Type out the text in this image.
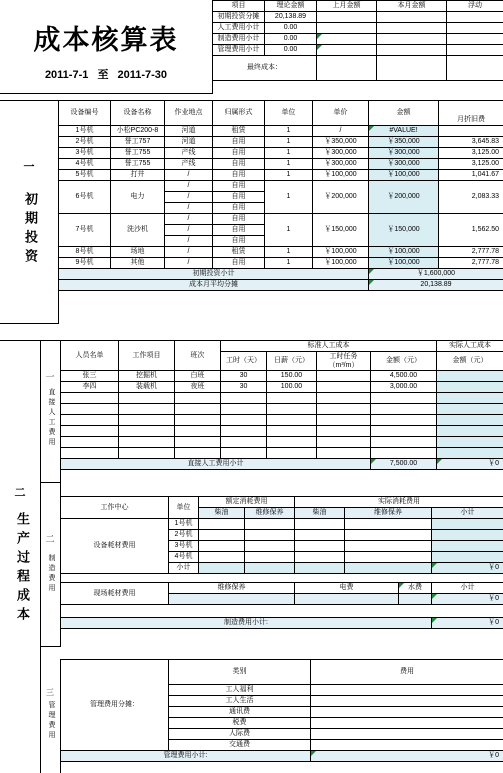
成本核算表
2011-7-1 至 2011-7-30
项目	理论金额	上月金额	本月金额	浮动
初期投资分摊	20,138.89			
人工费用小计	0.00			
制造费用小计	0.00			
管理费用小计	0.00			
最终成本：				
一
初期投资
设备编号	设备名称	作业地点	归属形式	单位	单价	金额	月折旧费
1号机	小松PC200-8	河道	租赁	1	/	#VALUE!	
2号机	誉工757	河道	自用	1	￥350,000	￥350,000	3,645.83
3号机	誉工755	产线	自用	1	￥300,000	￥300,000	3,125.00
4号机	誉工755	产线	自用	1	￥300,000	￥300,000	3,125.00
5号机	打井	/	自用	1	￥100,000	￥100,000	1,041.67
6号机	电力	/	自用	1	￥200,000	￥200,000	2,083.33
		/	自用				
		/	自用				
7号机	洗沙机	/	自用	1	￥150,000	￥150,000	1,562.50
		/	自用				
		/	自用				
8号机	场地	/	租赁	1	￥100,000	￥100,000	2,777.78
9号机	其他	/	自用	1	￥100,000	￥100,000	2,777.78
初期投资小计						￥1,600,000	
成本月平均分摊						20,138.89	
二
生产过程成本
一
直接人工费用
人员名单	工作项目	班次	标准人工成本				实际人工成本
			工时（天）	日薪（元）	工时任务（m³/m）	金额（元）	金额（元）

张三	挖掘机	白班	30	150.00		4,500.00	
李四	装载机	夜班	30	100.00		3,000.00	

直接人工费用小计						7,500.00	￥0
二
制造费用
工作中心	单位	额定消耗费用		实际消耗费用			
		柴油	维修保养	柴油	维修保养		小计
设备耗材费用	1号机						
	2号机						
	3号机						
	4号机						
	小计						￥0

现场耗材费用	维修保养			电费		水费	小计
							￥0

制造费用小计:							￥0
三
管理费用	管理费用分摊：	类别	费用
	工人福利	
	工人生活	
	通讯费	
	税费	
	人际费	
	交通费	
管理费用小计:		￥0
